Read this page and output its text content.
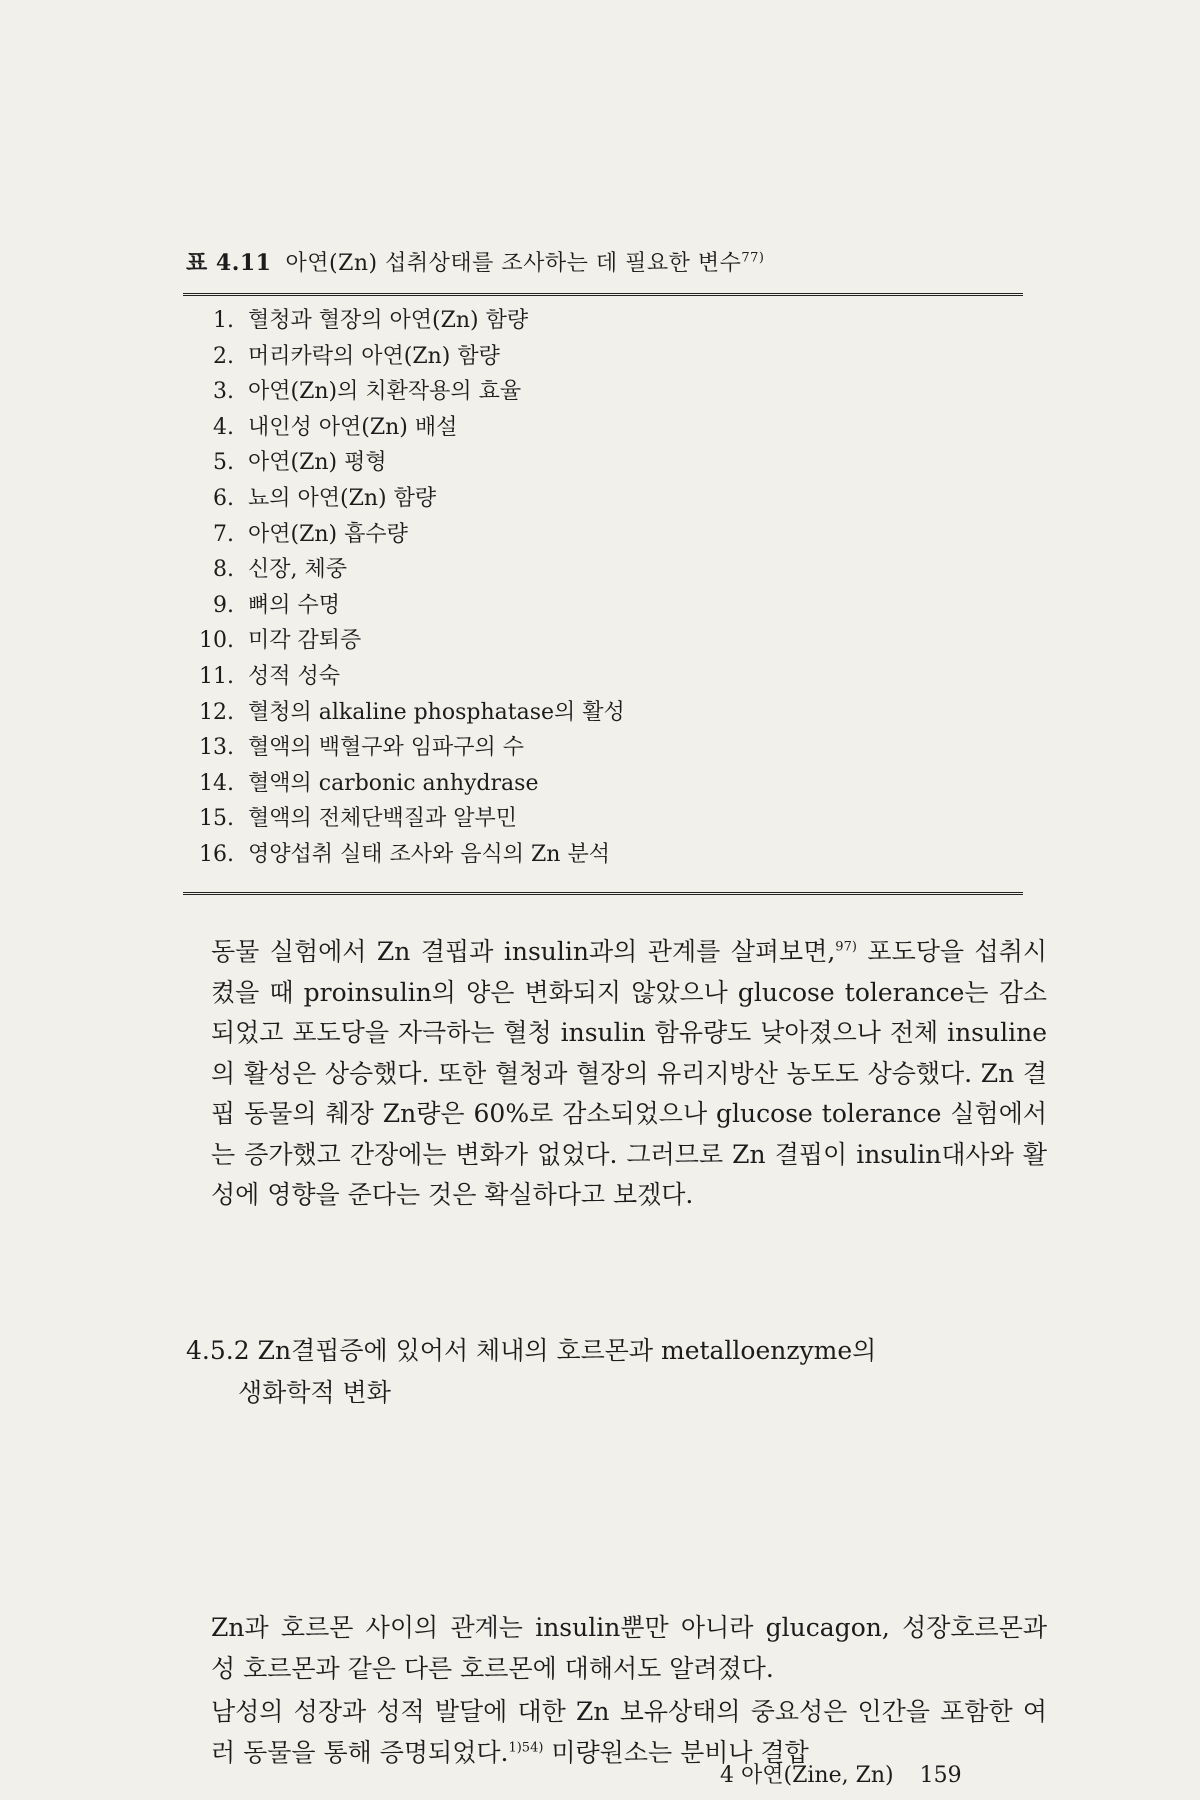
표 4.11 아연(Zn) 섭취상태를 조사하는 데 필요한 변수$^{77)}$
1. 혈청과 혈장의 아연(Zn) 함량
2. 머리카락의 아연(Zn) 함량
3. 아연(Zn)의 치환작용의 효율
4. 내인성 아연(Zn) 배설
5. 아연(Zn) 평형
6. 뇨의 아연(Zn) 함량
7. 아연(Zn) 흡수량
8. 신장, 체중
9. 뼈의 수명
10. 미각 감퇴증
11. 성적 성숙
12. 혈청의 alkaline phosphatase의 활성
13. 혈액의 백혈구와 임파구의 수
14. 혈액의 carbonic anhydrase
15. 혈액의 전체단백질과 알부민
16. 영양섭취 실태 조사와 음식의 Zn 분석

동물 실험에서 Zn 결핍과 insulin과의 관계를 살펴보면,$^{97)}$ 포도당을 섭취시켰을 때 proinsulin의 양은 변화되지 않았으나 glucose tolerance는 감소되었고 포도당을 자극하는 혈청 insulin 함유량도 낮아졌으나 전체 insuline의 활성은 상승했다. 또한 혈청과 혈장의 유리지방산 농도도 상승했다. Zn 결핍 동물의 췌장 Zn량은 60%로 감소되었으나 glucose tolerance 실험에서는 증가했고 간장에는 변화가 없었다. 그러므로 Zn 결핍이 insulin대사와 활성에 영향을 준다는 것은 확실하다고 보겠다.

4.5.2 Zn결핍증에 있어서 체내의 호르몬과 metalloenzyme의
생화학적 변화

Zn과 호르몬 사이의 관계는 insulin뿐만 아니라 glucagon, 성장호르몬과 성 호르몬과 같은 다른 호르몬에 대해서도 알려졌다.

남성의 성장과 성적 발달에 대한 Zn 보유상태의 중요성은 인간을 포함한 여러 동물을 통해 증명되었다.$^{1)54)}$ 미량원소는 분비나 결합

4 아연(Zine, Zn) 159
